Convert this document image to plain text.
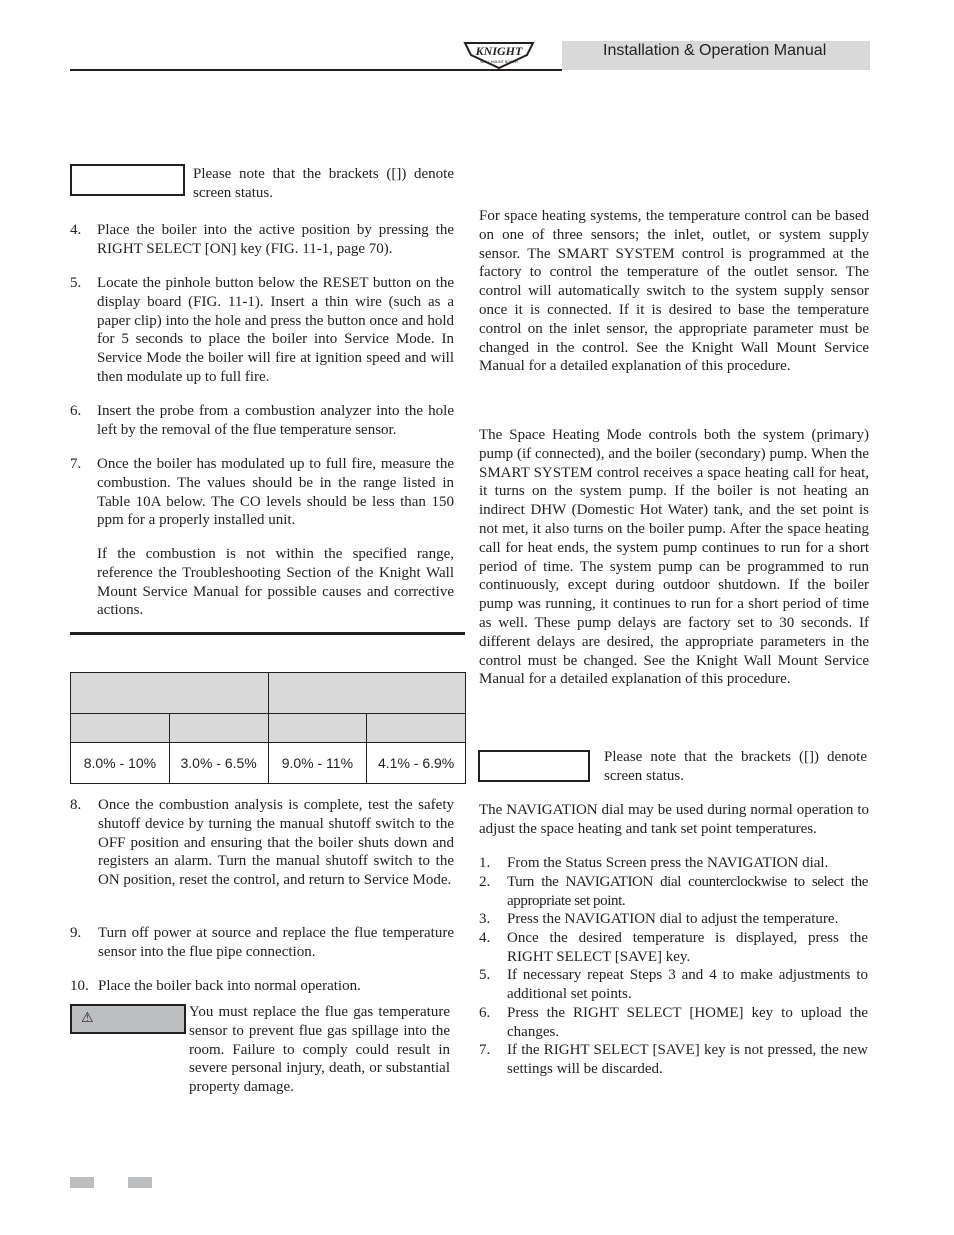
KNIGHT
WALL MOUNT BOILER
Installation & Operation Manual

Please note that the brackets ([]) denote screen status.

4. Place the boiler into the active position by pressing the RIGHT SELECT [ON] key (FIG. 11-1, page 70).
5. Locate the pinhole button below the RESET button on the display board (FIG. 11-1). Insert a thin wire (such as a paper clip) into the hole and press the button once and hold for 5 seconds to place the boiler into Service Mode. In Service Mode the boiler will fire at ignition speed and will then modulate up to full fire.
6. Insert the probe from a combustion analyzer into the hole left by the removal of the flue temperature sensor.
7. Once the boiler has modulated up to full fire, measure the combustion. The values should be in the range listed in Table 10A below. The CO levels should be less than 150 ppm for a properly installed unit.

If the combustion is not within the specified range, reference the Troubleshooting Section of the Knight Wall Mount Service Manual for possible causes and corrective actions.

8.0% - 10%	3.0% - 6.5%	9.0% - 11%	4.1% - 6.9%
8. Once the combustion analysis is complete, test the safety shutoff device by turning the manual shutoff switch to the OFF position and ensuring that the boiler shuts down and registers an alarm. Turn the manual shutoff switch to the ON position, reset the control, and return to Service Mode.
9. Turn off power at source and replace the flue temperature sensor into the flue pipe connection.
10. Place the boiler back into normal operation.
⚠	You must replace the flue gas temperature sensor to prevent flue gas spillage into the room. Failure to comply could result in severe personal injury, death, or substantial property damage.

For space heating systems, the temperature control can be based on one of three sensors; the inlet, outlet, or system supply sensor. The SMART SYSTEM control is programmed at the factory to control the temperature of the outlet sensor. The control will automatically switch to the system supply sensor once it is connected. If it is desired to base the temperature control on the inlet sensor, the appropriate parameter must be changed in the control. See the Knight Wall Mount Service Manual for a detailed explanation of this procedure.

The Space Heating Mode controls both the system (primary) pump (if connected), and the boiler (secondary) pump. When the SMART SYSTEM control receives a space heating call for heat, it turns on the system pump. If the boiler is not heating an indirect DHW (Domestic Hot Water) tank, and the set point is not met, it also turns on the boiler pump. After the space heating call for heat ends, the system pump continues to run for a short period of time. The system pump can be programmed to run continuously, except during outdoor shutdown. If the boiler pump was running, it continues to run for a short period of time as well. These pump delays are factory set to 30 seconds. If different delays are desired, the appropriate parameters in the control must be changed. See the Knight Wall Mount Service Manual for a detailed explanation of this procedure.

Please note that the brackets ([]) denote screen status.

The NAVIGATION dial may be used during normal operation to adjust the space heating and tank set point temperatures.

1. From the Status Screen press the NAVIGATION dial.
2. Turn the NAVIGATION dial counterclockwise to select the appropriate set point.
3. Press the NAVIGATION dial to adjust the temperature.
4. Once the desired temperature is displayed, press the RIGHT SELECT [SAVE] key.
5. If necessary repeat Steps 3 and 4 to make adjustments to additional set points.
6. Press the RIGHT SELECT [HOME] key to upload the changes.
7. If the RIGHT SELECT [SAVE] key is not pressed, the new settings will be discarded.
